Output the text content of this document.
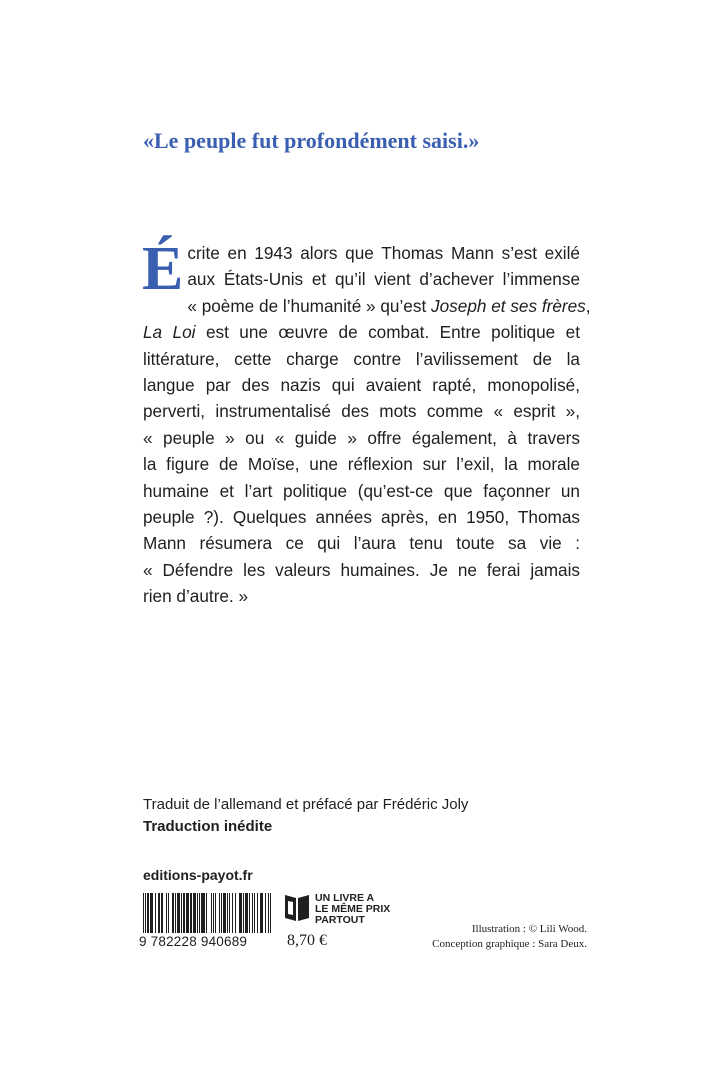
«Le peuple fut profondément saisi.»

É crite en 1943 alors que Thomas Mann s’est exilé
aux États-Unis et qu’il vient d’achever l’immense
« poème de l’humanité » qu’est Joseph et ses frères,
La Loi est une œuvre de combat. Entre politique et
littérature, cette charge contre l’avilissement de la
langue par des nazis qui avaient rapté, monopolisé,
perverti, instrumentalisé des mots comme « esprit »,
« peuple » ou « guide » offre également, à travers
la figure de Moïse, une réflexion sur l’exil, la morale
humaine et l’art politique (qu’est-ce que façonner un
peuple ?). Quelques années après, en 1950, Thomas
Mann résumera ce qui l’aura tenu toute sa vie :
« Défendre les valeurs humaines. Je ne ferai jamais
rien d’autre. »
Traduit de l’allemand et préfacé par Frédéric Joly
Traduction inédite
editions-payot.fr
9 782228 940689
UN LIVRE A
LE MÊME PRIX
PARTOUT
8,70 €
Illustration : © Lili Wood.
Conception graphique : Sara Deux.
